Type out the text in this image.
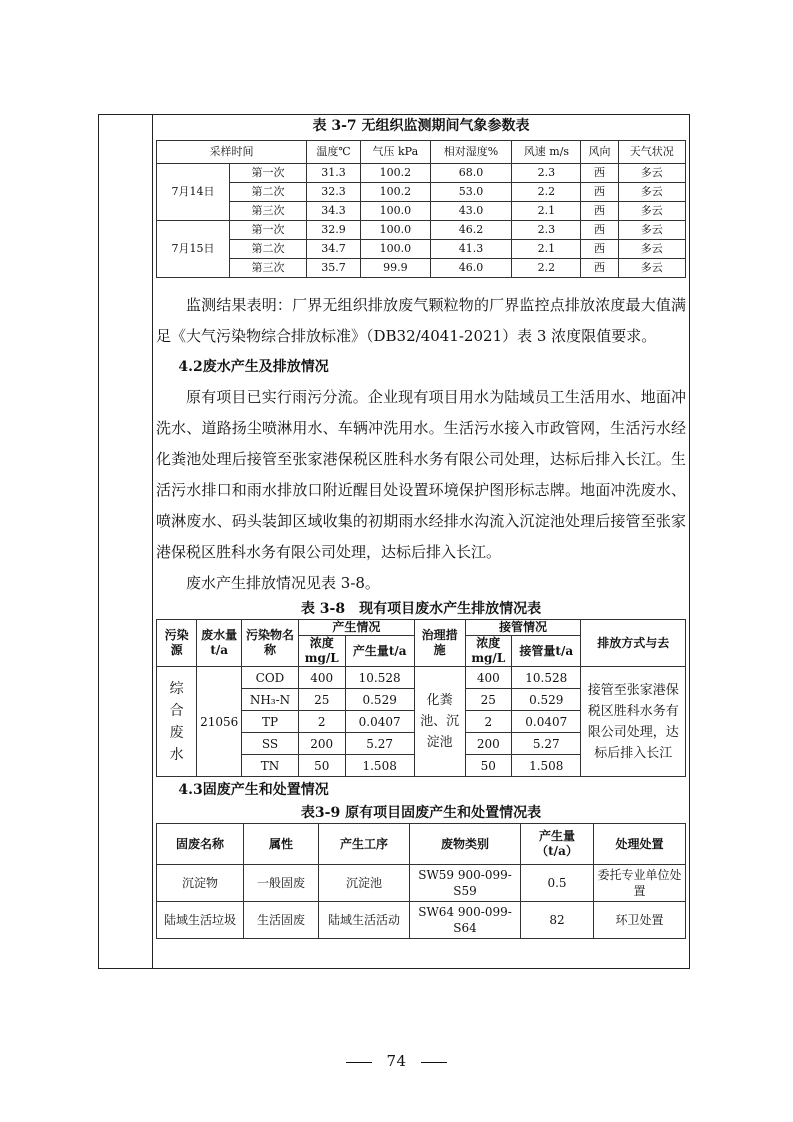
表 3-7 无组织监测期间气象参数表
采样时间		温度℃	气压 kPa	相对湿度%	风速 m/s	风向	天气状况
7月14日	第一次	31.3	100.2	68.0	2.3	西	多云
	第二次	32.3	100.2	53.0	2.2	西	多云
	第三次	34.3	100.0	43.0	2.1	西	多云
7月15日	第一次	32.9	100.0	46.2	2.3	西	多云
	第二次	34.7	100.0	41.3	2.1	西	多云
	第三次	35.7	99.9	46.0	2.2	西	多云

监测结果表明：厂界无组织排放废气颗粒物的厂界监控点排放浓度最大值满足《大气污染物综合排放标准》（DB32/4041-2021）表 3 浓度限值要求。

4.2废水产生及排放情况

原有项目已实行雨污分流。企业现有项目用水为陆域员工生活用水、地面冲洗水、道路扬尘喷淋用水、车辆冲洗用水。生活污水接入市政管网，生活污水经化粪池处理后接管至张家港保税区胜科水务有限公司处理，达标后排入长江。生活污水排口和雨水排放口附近醒目处设置环境保护图形标志牌。地面冲洗废水、喷淋废水、码头装卸区域收集的初期雨水经排水沟流入沉淀池处理后接管至张家港保税区胜科水务有限公司处理，达标后排入长江。

废水产生排放情况见表 3-8。

表 3-8　现有项目废水产生排放情况表
污染源	废水量 t/a	污染物名称	产生情况		治理措施	接管情况		排放方式与去
			浓度mg/L	产生量t/a		浓度mg/L	接管量t/a	
综合废水	21056	COD	400	10.528	化粪池、沉淀池	400	10.528	接管至张家港保税区胜科水务有限公司处理，达标后排入长江
		NH₃-N	25	0.529		25	0.529	
		TP	2	0.0407		2	0.0407	
		SS	200	5.27		200	5.27	
		TN	50	1.508		50	1.508	

4.3固废产生和处置情况

表3-9 原有项目固废产生和处置情况表
固废名称	属性	产生工序	废物类别	产生量（t/a）	处理处置
沉淀物	一般固废	沉淀池	SW59 900-099-S59	0.5	委托专业单位处置
陆域生活垃圾	生活固废	陆域生活活动	SW64 900-099-S64	82	环卫处置
74
